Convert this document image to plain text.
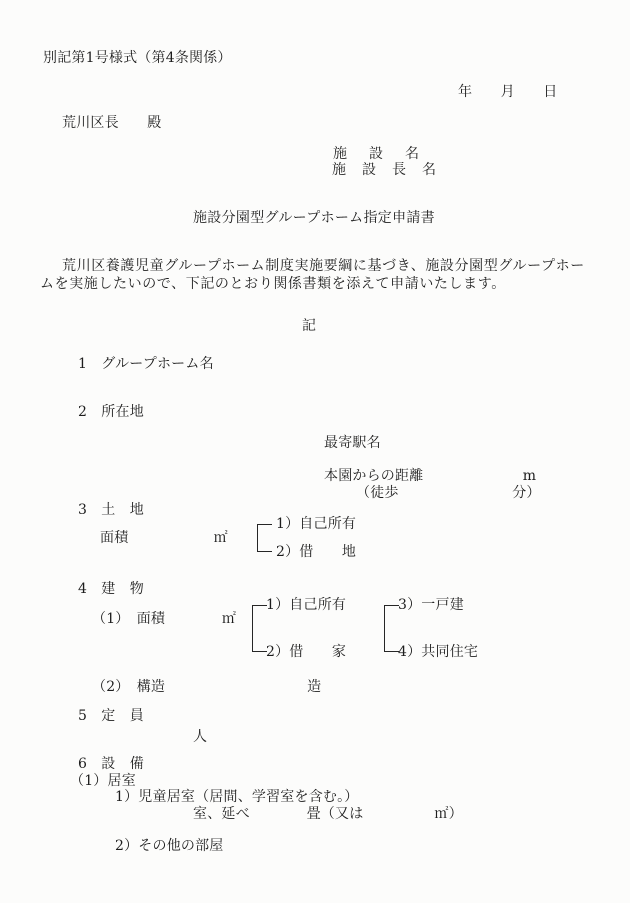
別記第1号様式（第4条関係）
年　　月　　日
荒川区長　　殿
施　設　名
施　設　長　名
施設分園型グループホーム指定申請書
荒川区養護児童グループホーム制度実施要綱に基づき、施設分園型グループホー
ムを実施したいので、下記のとおり関係書類を添えて申請いたします。
記
1　グループホーム名
2　所在地
最寄駅名
本園からの距離　　　　　　　m
（徒歩　　　　　　　　分）
3　土　地
面積　　　　　　㎡
1）自己所有
2）借　　地
4　建　物
（1）　面積　　　　㎡
1）自己所有
2）借　　家
3）一戸建
4）共同住宅
（2）　構造　　　　　　　　　　造
5　定　員
人
6　設　備
（1）居室
1）児童居室（居間、学習室を含む。）
室、延べ　　　　畳（又は　　　　　㎡）
2）その他の部屋
